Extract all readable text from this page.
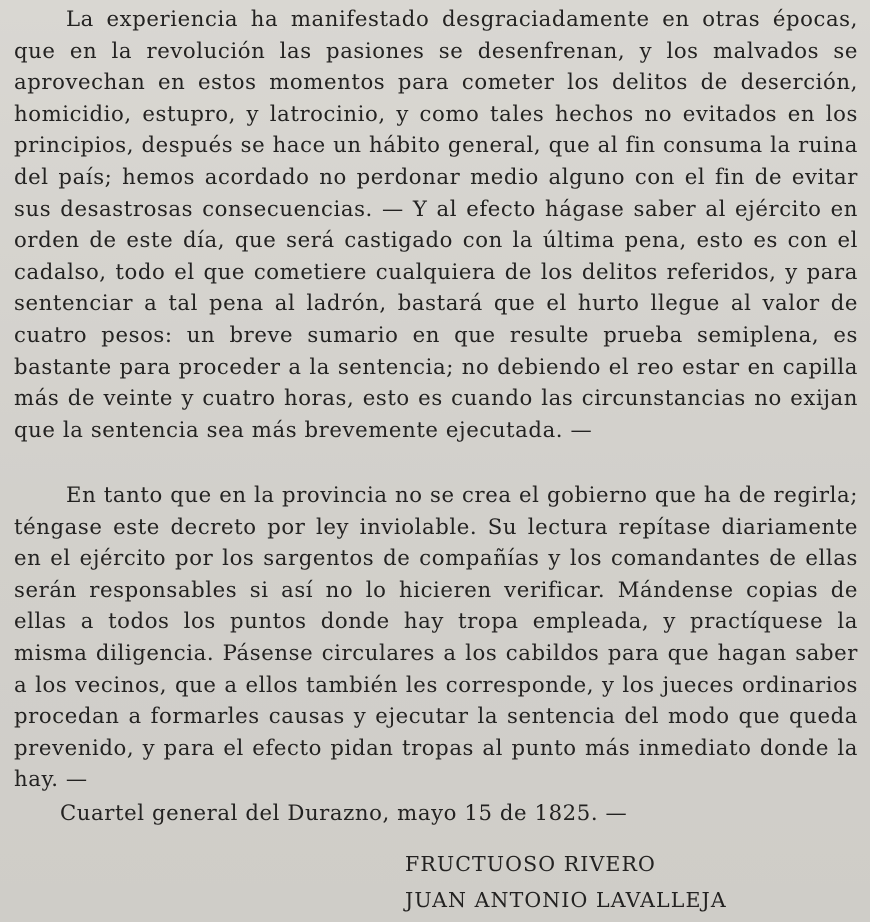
La experiencia ha manifestado desgraciadamente en otras épocas, que en la revolución las pasiones se desenfrenan, y los malvados se aprovechan en estos momentos para cometer los delitos de deserción, homicidio, estupro, y latrocinio, y como tales hechos no evitados en los principios, después se hace un hábito general, que al fin consuma la ruina del país; hemos acordado no perdonar medio alguno con el fin de evitar sus desastrosas consecuencias. — Y al efecto hágase saber al ejército en orden de este día, que será castigado con la última pena, esto es con el cadalso, todo el que cometiere cualquiera de los delitos referidos, y para sentenciar a tal pena al ladrón, bastará que el hurto llegue al valor de cuatro pesos: un breve sumario en que resulte prueba semiplena, es bastante para proceder a la sentencia; no debiendo el reo estar en capilla más de veinte y cuatro horas, esto es cuando las circunstancias no exijan que la sentencia sea más brevemente ejecutada. —

En tanto que en la provincia no se crea el gobierno que ha de regirla; téngase este decreto por ley inviolable. Su lectura repítase diariamente en el ejército por los sargentos de compañías y los comandantes de ellas serán responsables si así no lo hicieren verificar. Mándense copias de ellas a todos los puntos donde hay tropa empleada, y practíquese la misma diligencia. Pásense circulares a los cabildos para que hagan saber a los vecinos, que a ellos también les corresponde, y los jueces ordinarios procedan a formarles causas y ejecutar la sentencia del modo que queda prevenido, y para el efecto pidan tropas al punto más inmediato donde la hay. —

Cuartel general del Durazno, mayo 15 de 1825. —

FRUCTUOSO RIVERO
JUAN ANTONIO LAVALLEJA
